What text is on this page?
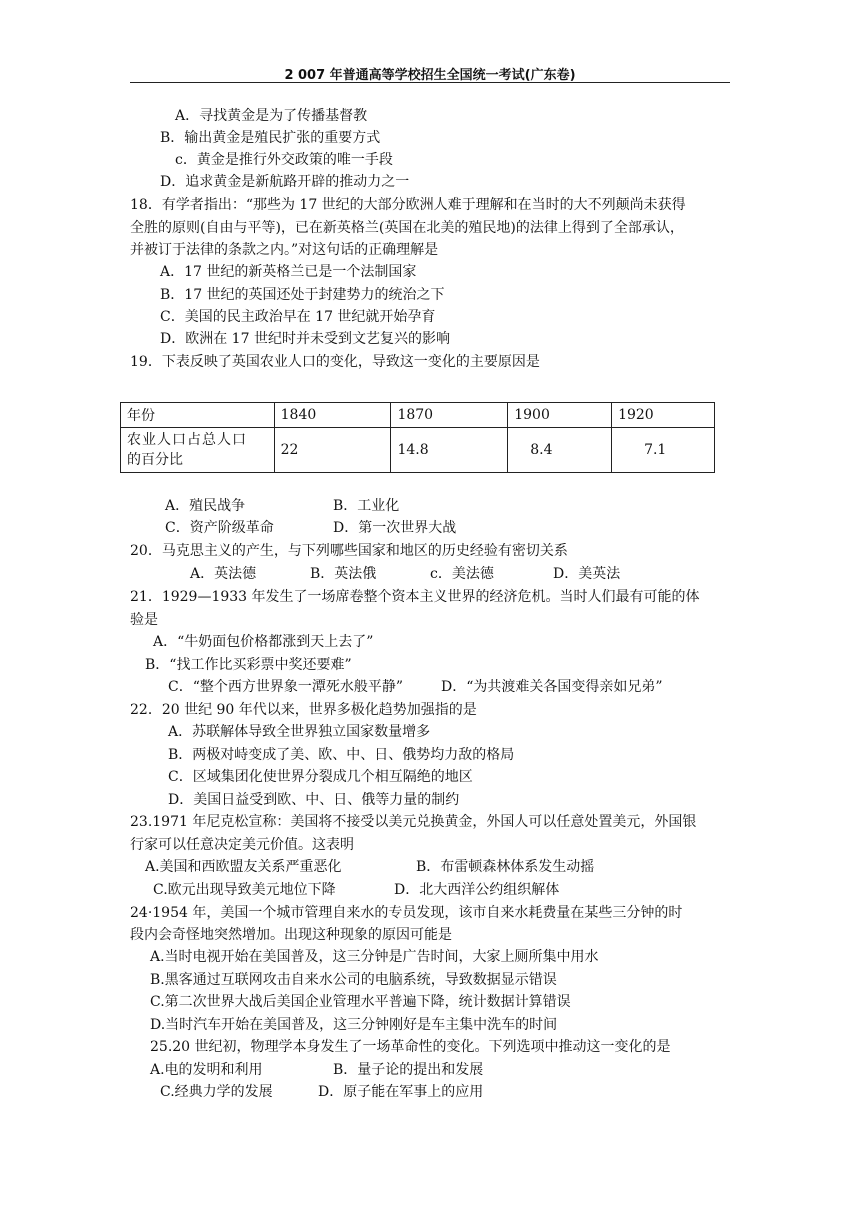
2 007 年普通高等学校招生全国统一考试(广东卷)
A．寻找黄金是为了传播基督教
B．输出黄金是殖民扩张的重要方式
c．黄金是推行外交政策的唯一手段
D．追求黄金是新航路开辟的推动力之一
18．有学者指出：“那些为 17 世纪的大部分欧洲人难于理解和在当时的大不列颠尚未获得
全胜的原则(自由与平等)，已在新英格兰(英国在北美的殖民地)的法律上得到了全部承认，
并被订于法律的条款之内。”对这句话的正确理解是
A．17 世纪的新英格兰已是一个法制国家
B．17 世纪的英国还处于封建势力的统治之下
C．美国的民主政治早在 17 世纪就开始孕育
D．欧洲在 17 世纪时并未受到文艺复兴的影响
19．下表反映了英国农业人口的变化，导致这一变化的主要原因是
年份	1840	1870	1900	1920
农业人口占总人口
的百分比	22	14.8	8.4	7.1
A．殖民战争	B．工业化
C．资产阶级革命	D．第一次世界大战
20．马克思主义的产生，与下列哪些国家和地区的历史经验有密切关系
A．英法德	B．英法俄	c．美法德	D．美英法
21．1929—1933 年发生了一场席卷整个资本主义世界的经济危机。当时人们最有可能的体
验是
A．“牛奶面包价格都涨到天上去了”
B．“找工作比买彩票中奖还要难”
C．“整个西方世界象一潭死水般平静”	D．“为共渡难关各国变得亲如兄弟”
22．20 世纪 90 年代以来，世界多极化趋势加强指的是
A．苏联解体导致全世界独立国家数量增多
B．两极对峙变成了美、欧、中、日、俄势均力敌的格局
C．区域集团化使世界分裂成几个相互隔绝的地区
D．美国日益受到欧、中、日、俄等力量的制约
23.1971 年尼克松宣称：美国将不接受以美元兑换黄金，外国人可以任意处置美元，外国银
行家可以任意决定美元价值。这表明
A.美国和西欧盟友关系严重恶化	B．布雷顿森林体系发生动摇
C.欧元出现导致美元地位下降	D．北大西洋公约组织解体
24·1954 年，美国一个城市管理自来水的专员发现，该市自来水耗费量在某些三分钟的时
段内会奇怪地突然增加。出现这种现象的原因可能是
A.当时电视开始在美国普及，这三分钟是广告时间，大家上厕所集中用水
B.黑客通过互联网攻击自来水公司的电脑系统，导致数据显示错误
C.第二次世界大战后美国企业管理水平普遍下降，统计数据计算错误
D.当时汽车开始在美国普及，这三分钟刚好是车主集中洗车的时间
25.20 世纪初，物理学本身发生了一场革命性的变化。下列选项中推动这一变化的是
A.电的发明和利用	B．量子论的提出和发展
C.经典力学的发展	D．原子能在军事上的应用
